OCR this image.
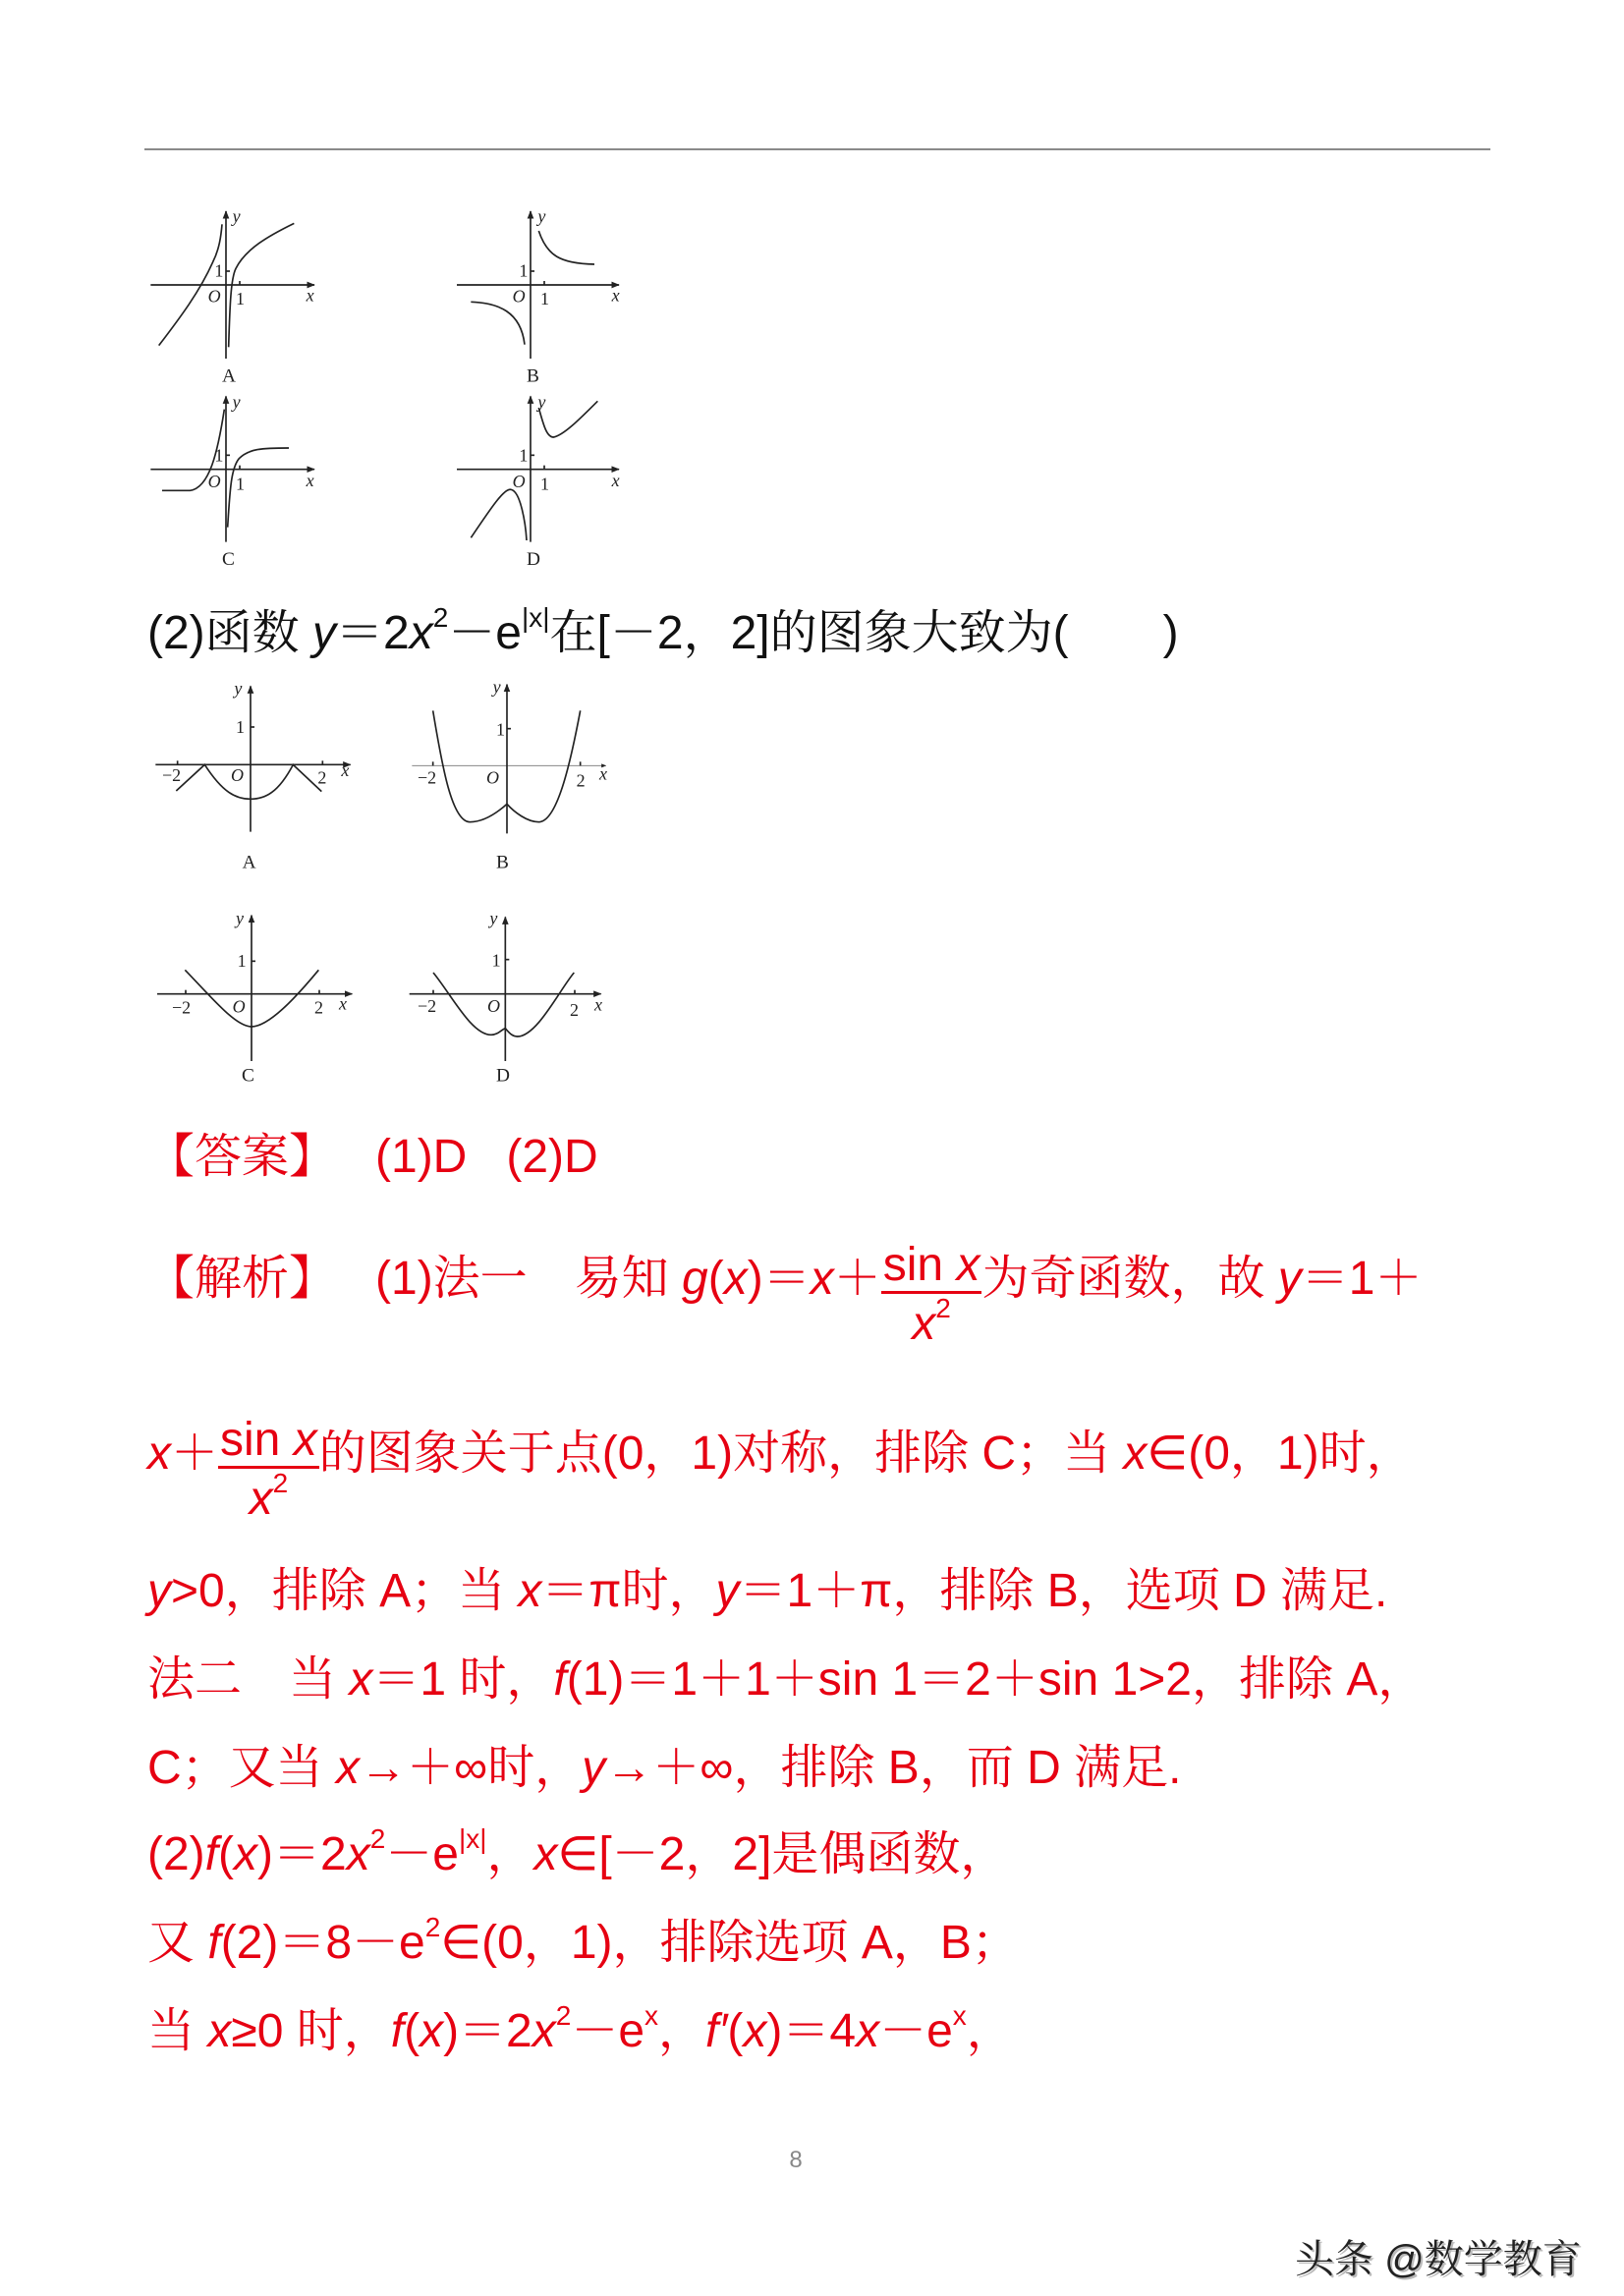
y
1
O 1 x
A
y
1
O 1 x
B
y
1
O 1 x
C
y
1
O 1 x
D
(2)函数 $y=2x^2-e^{|x|}$在[－2，2]的图象大致为(　　)
y
1
−2 O 2 x
A
y
1
−2 O 2 x
B
y
1
−2 O 2 x
C
y
1
−2 O 2 x
D
【答案】 (1)D (2)D
【解析】 (1)法一　易知 g(x)＝x＋sin x
$x^2$
为奇函数，故 y＝1＋
x＋sin x
$x^2$
的图象关于点(0，1)对称，排除 C；当 x∈(0，1)时，
y>0，排除 A；当 x＝π时，y＝1＋π，排除 B，选项 D 满足.
法二　当 x＝1 时，f(1)＝1＋1＋sin 1＝2＋sin 1>2，排除 A，
C；又当 x→＋∞时，y→＋∞，排除 B，而 D 满足.
$(2)f(x)=2x^2-e^{|x|}$，x∈[－2，2]是偶函数，
又 $f(2)=8-e^2\in(0$，1)，排除选项 A，B；
当 x≥0 时，$f(x)=2x^2-e^x$，$f'(x)=4x-e^x$，
8
头条 @数学教育
